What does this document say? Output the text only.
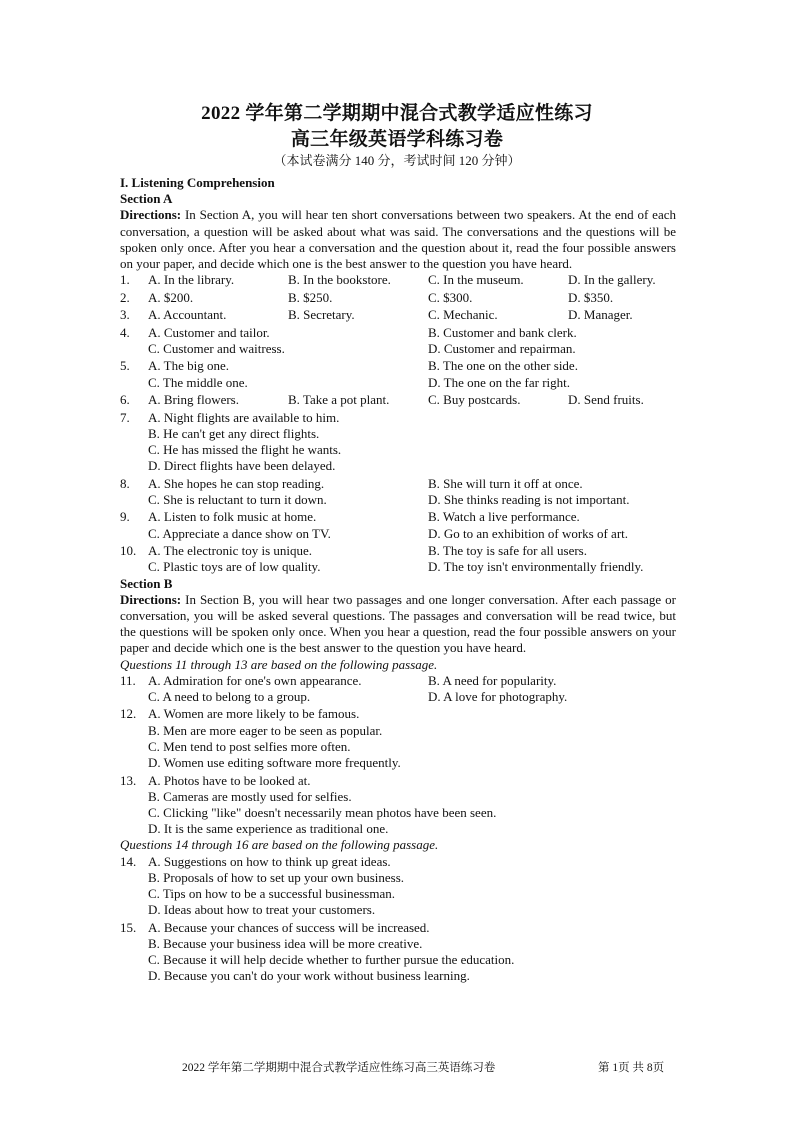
2022 学年第二学期期中混合式教学适应性练习
高三年级英语学科练习卷
（本试卷满分 140 分，考试时间 120 分钟）
I. Listening Comprehension
Section A
Directions: In Section A, you will hear ten short conversations between two speakers. At the end of each conversation, a question will be asked about what was said. The conversations and the questions will be spoken only once. After you hear a conversation and the question about it, read the four possible answers on your paper, and decide which one is the best answer to the question you have heard.
1.	A. In the library.	B. In the bookstore.	C. In the museum.	D. In the gallery.
2.	A. $200.	B. $250.	C. $300.	D. $350.
3.	A. Accountant.	B. Secretary.	C. Mechanic.	D. Manager.
4.	A. Customer and tailor.	B. Customer and bank clerk.
C. Customer and waitress.	D. Customer and repairman.
5.	A. The big one.	B. The one on the other side.
C. The middle one.	D. The one on the far right.
6.	A. Bring flowers.	B. Take a pot plant.	C. Buy postcards.	D. Send fruits.
7.	A. Night flights are available to him.
B. He can't get any direct flights.
C. He has missed the flight he wants.
D. Direct flights have been delayed.
8.	A. She hopes he can stop reading.	B. She will turn it off at once.
C. She is reluctant to turn it down.	D. She thinks reading is not important.
9.	A. Listen to folk music at home.	B. Watch a live performance.
C. Appreciate a dance show on TV.	D. Go to an exhibition of works of art.
10. A. The electronic toy is unique.	B. The toy is safe for all users.
C. Plastic toys are of low quality.	D. The toy isn't environmentally friendly.
Section B
Directions: In Section B, you will hear two passages and one longer conversation. After each passage or conversation, you will be asked several questions. The passages and conversation will be read twice, but the questions will be spoken only once. When you hear a question, read the four possible answers on your paper and decide which one is the best answer to the question you have heard.
Questions 11 through 13 are based on the following passage.
11. A. Admiration for one's own appearance.	B. A need for popularity.
C. A need to belong to a group.	D. A love for photography.
12. A. Women are more likely to be famous.
B. Men are more eager to be seen as popular.
C. Men tend to post selfies more often.
D. Women use editing software more frequently.
13. A. Photos have to be looked at.
B. Cameras are mostly used for selfies.
C. Clicking "like" doesn't necessarily mean photos have been seen.
D. It is the same experience as traditional one.
Questions 14 through 16 are based on the following passage.
14. A. Suggestions on how to think up great ideas.
B. Proposals of how to set up your own business.
C. Tips on how to be a successful businessman.
D. Ideas about how to treat your customers.
15. A. Because your chances of success will be increased.
B. Because your business idea will be more creative.
C. Because it will help decide whether to further pursue the education.
D. Because you can't do your work without business learning.
2022 学年第二学期期中混合式教学适应性练习高三英语练习卷	第 1页 共 8页
